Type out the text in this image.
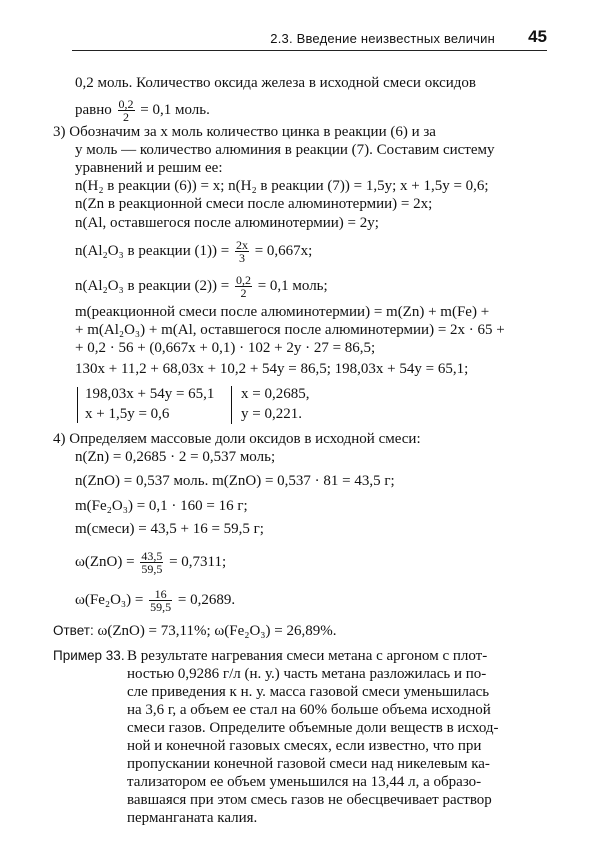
2.3. Введение неизвестных величин 45
0,2 моль. Количество оксида железа в исходной смеси оксидов
равно $\frac{0,2}{2} = 0,1$ моль.
3) Обозначим за x моль количество цинка в реакции (6) и за
y моль — количество алюминия в реакции (7). Составим систему
уравнений и решим ее:
n(H₂ в реакции (6)) = x; n(H₂ в реакции (7)) = 1,5y; x + 1,5y = 0,6;
n(Zn в реакционной смеси после алюминотермии) = 2x;
n(Al, оставшегося после алюминотермии) = 2y;
n(Al₂O₃ в реакции $(1)) = \frac{2x}{3} = 0,667x$;
n(Al₂O₃ в реакции $(2)) = \frac{0,2}{2} = 0,1$ моль;
m(реакционной смеси после алюминотермии) = m(Zn) + m(Fe) +
+ m(Al₂O₃) + m(Al, оставшегося после алюминотермии) = 2x · 65 +
+ 0,2 · 56 + (0,667x + 0,1) · 102 + 2y · 27 = 86,5;
130x + 11,2 + 68,03x + 10,2 + 54y = 86,5; 198,03x + 54y = 65,1;
198,03x + 54y = 65,1
x + 1,5y = 0,6
x = 0,2685,
y = 0,221.
4) Определяем массовые доли оксидов в исходной смеси:
n(Zn) = 0,2685 · 2 = 0,537 моль;
n(ZnO) = 0,537 моль. m(ZnO) = 0,537 · 81 = 43,5 г;
m(Fe₂O₃) = 0,1 · 160 = 16 г;
m(смеси) = 43,5 + 16 = 59,5 г;
$\omega(ZnO) = \frac{43,5}{59,5} = 0,7311$;
$\omega(Fe_2O_3) = \frac{16}{59,5} = 0,2689$.
Ответ: ω(ZnO) = 73,11%; ω(Fe₂O₃) = 26,89%.
Пример 33. В результате нагревания смеси метана с аргоном с плот-
ностью 0,9286 г/л (н. у.) часть метана разложилась и по-
сле приведения к н. у. масса газовой смеси уменьшилась
на 3,6 г, а объем ее стал на 60% больше объема исходной
смеси газов. Определите объемные доли веществ в исход-
ной и конечной газовых смесях, если известно, что при
пропускании конечной газовой смеси над никелевым ка-
тализатором ее объем уменьшился на 13,44 л, а образо-
вавшаяся при этом смесь газов не обесцвечивает раствор
перманганата калия.
